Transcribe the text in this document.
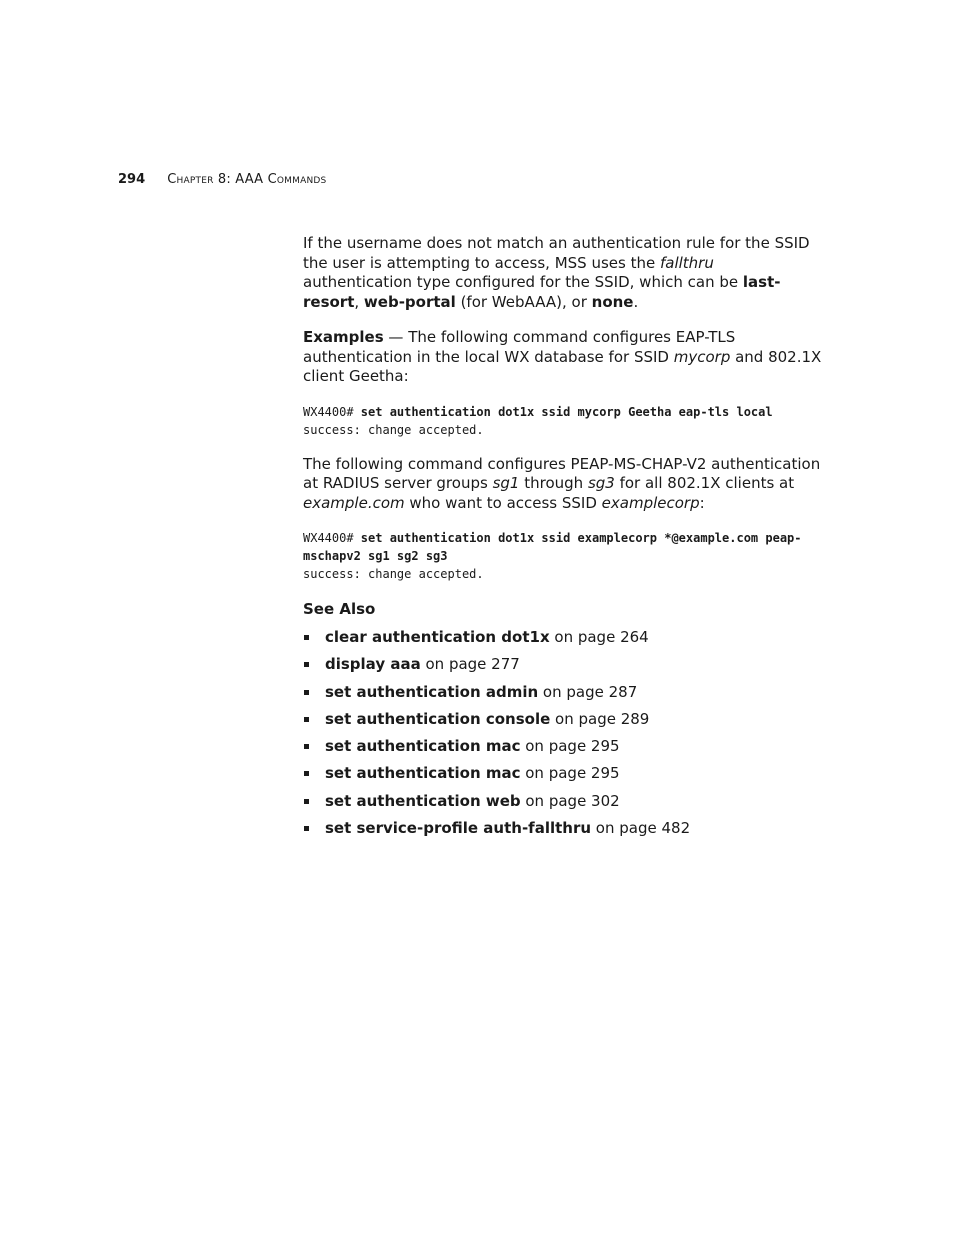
294 Chapter 8: AAA Commands

If the username does not match an authentication rule for the SSID the user is attempting to access, MSS uses the fallthru authentication type configured for the SSID, which can be last-resort, web-portal (for WebAAA), or none.

Examples — The following command configures EAP-TLS authentication in the local WX database for SSID mycorp and 802.1X client Geetha:

WX4400# set authentication dot1x ssid mycorp Geetha eap-tls local
success: change accepted.

The following command configures PEAP-MS-CHAP-V2 authentication at RADIUS server groups sg1 through sg3 for all 802.1X clients at example.com who want to access SSID examplecorp:

WX4400# set authentication dot1x ssid examplecorp *@example.com peap-mschapv2 sg1 sg2 sg3
success: change accepted.
See Also
clear authentication dot1x on page 264
display aaa on page 277
set authentication admin on page 287
set authentication console on page 289
set authentication mac on page 295
set authentication mac on page 295
set authentication web on page 302
set service-profile auth-fallthru on page 482
